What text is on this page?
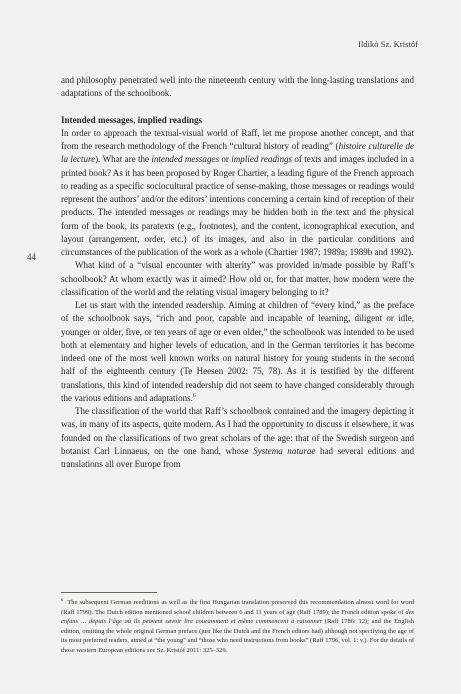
Ildikó Sz. Kristóf
44

and philosophy penetrated well into the nineteenth century with the long-lasting translations and adaptations of the schoolbook.

Intended messages, implied readings

In order to approach the textual-visual world of Raff, let me propose another concept, and that from the research methodology of the French “cultural history of reading” (histoire culturelle de la lecture). What are the intended messages or implied readings of texts and images included in a printed book? As it has been proposed by Roger Chartier, a leading figure of the French approach to reading as a specific sociocultural practice of sense-making, those messages or readings would represent the authors’ and/or the editors’ intentions concerning a certain kind of reception of their products. The intended messages or readings may be hidden both in the text and the physical form of the book, its paratexts (e.g., footnotes), and the content, iconographical execution, and layout (arrangement, order, etc.) of its images, and also in the particular conditions and circumstances of the publication of the work as a whole (Chartier 1987; 1989a; 1989b and 1992).

What kind of a “visual encounter with alterity” was provided in/made possible by Raff’s schoolbook? At whom exactly was it aimed? How old or, for that matter, how modern were the classification of the world and the relating visual imagery belonging to it?

Let us start with the intended readership. Aiming at children of “every kind,” as the preface of the schoolbook says, “rich and poor, capable and incapable of learning, diligent or idle, younger or older, five, or ten years of age or even older,” the schoolbook was intended to be used both at elementary and higher levels of education, and in the German territories it has become indeed one of the most well known works on natural history for young students in the second half of the eighteenth century (Te Heesen 2002: 75, 78). As it is testified by the different translations, this kind of intended readership did not seem to have changed considerably through the various editions and adaptations.$^6$

The classification of the world that Raff’s schoolbook contained and the imagery depicting it was, in many of its aspects, quite modern. As I had the opportunity to discuss it elsewhere, it was founded on the classifications of two great scholars of the age: that of the Swedish surgeon and botanist Carl Linnaeus, on the one hand, whose Systema naturae had several editions and translations all over Europe from

$^6$ The subsequent German reeditions as well as the first Hungarian translation preserved this recommendation almost word for word (Raff 1799). The Dutch edition mentioned school children between 6 and 11 years of age (Raff 1789); the French edition spoke of des enfans … depuis l’âge où ils peuvent savoir lire couramment et même commencent à raisonner (Raff 1786: 12); and the English edition, omitting the whole original German preface (just like the Dutch and the French editors had) although not specifying the age of its most preferred readers, aimed at “the young” and “those who need instructions from books” (Raff 1796, vol. 1: v.). For the details of those western European editions see Sz. Kristóf 2011: 325–329.
